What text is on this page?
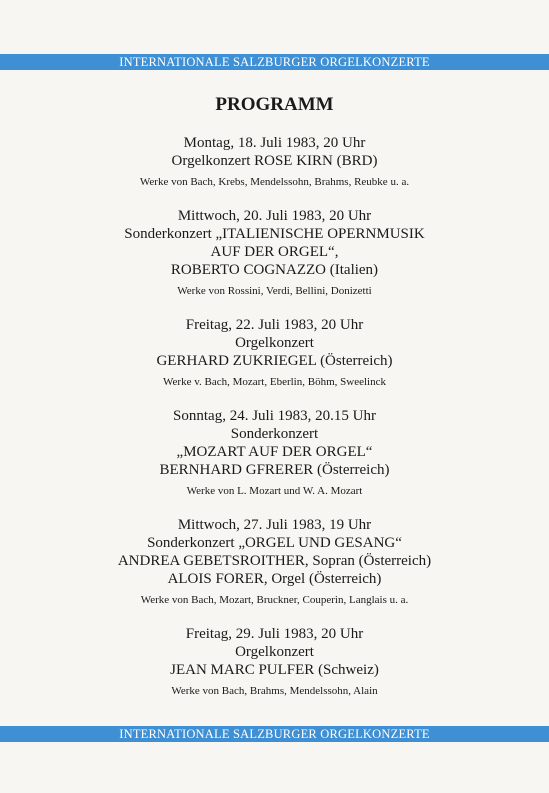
INTERNATIONALE SALZBURGER ORGELKONZERTE
PROGRAMM
Montag, 18. Juli 1983, 20 Uhr
Orgelkonzert ROSE KIRN (BRD)
Werke von Bach, Krebs, Mendelssohn, Brahms, Reubke u. a.
Mittwoch, 20. Juli 1983, 20 Uhr
Sonderkonzert „ITALIENISCHE OPERNMUSIK
AUF DER ORGEL“,
ROBERTO COGNAZZO (Italien)
Werke von Rossini, Verdi, Bellini, Donizetti
Freitag, 22. Juli 1983, 20 Uhr
Orgelkonzert
GERHARD ZUKRIEGEL (Österreich)
Werke v. Bach, Mozart, Eberlin, Böhm, Sweelinck
Sonntag, 24. Juli 1983, 20.15 Uhr
Sonderkonzert
„MOZART AUF DER ORGEL“
BERNHARD GFRERER (Österreich)
Werke von L. Mozart und W. A. Mozart
Mittwoch, 27. Juli 1983, 19 Uhr
Sonderkonzert „ORGEL UND GESANG“
ANDREA GEBETSROITHER, Sopran (Österreich)
ALOIS FORER, Orgel (Österreich)
Werke von Bach, Mozart, Bruckner, Couperin, Langlais u. a.
Freitag, 29. Juli 1983, 20 Uhr
Orgelkonzert
JEAN MARC PULFER (Schweiz)
Werke von Bach, Brahms, Mendelssohn, Alain
INTERNATIONALE SALZBURGER ORGELKONZERTE
